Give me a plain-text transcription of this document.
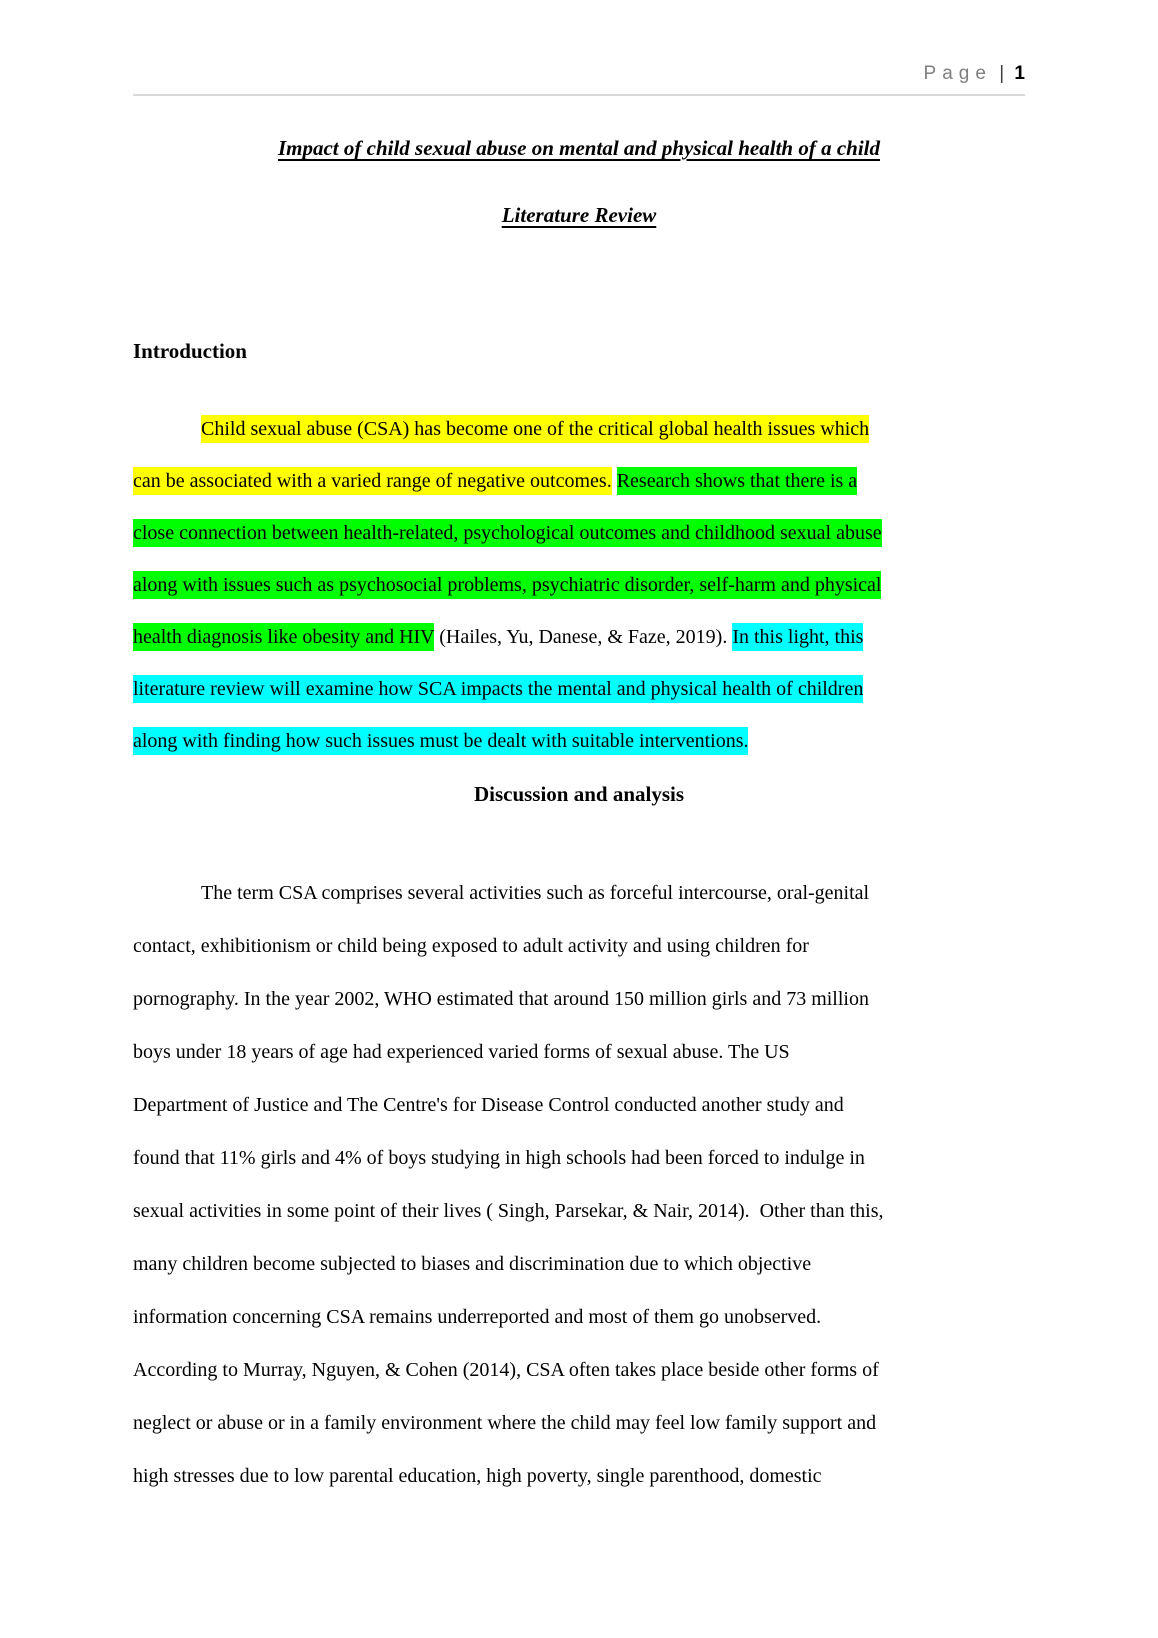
Page | 1
Impact of child sexual abuse on mental and physical health of a child
Literature Review
Introduction
Child sexual abuse (CSA) has become one of the critical global health issues which
can be associated with a varied range of negative outcomes. Research shows that there is a
close connection between health-related, psychological outcomes and childhood sexual abuse
along with issues such as psychosocial problems, psychiatric disorder, self-harm and physical
health diagnosis like obesity and HIV (Hailes, Yu, Danese, & Faze, 2019). In this light, this
literature review will examine how SCA impacts the mental and physical health of children
along with finding how such issues must be dealt with suitable interventions.
Discussion and analysis
The term CSA comprises several activities such as forceful intercourse, oral-genital
contact, exhibitionism or child being exposed to adult activity and using children for
pornography. In the year 2002, WHO estimated that around 150 million girls and 73 million
boys under 18 years of age had experienced varied forms of sexual abuse. The US
Department of Justice and The Centre's for Disease Control conducted another study and
found that 11% girls and 4% of boys studying in high schools had been forced to indulge in
sexual activities in some point of their lives ( Singh, Parsekar, & Nair, 2014).  Other than this,
many children become subjected to biases and discrimination due to which objective
information concerning CSA remains underreported and most of them go unobserved.
According to Murray, Nguyen, & Cohen (2014), CSA often takes place beside other forms of
neglect or abuse or in a family environment where the child may feel low family support and
high stresses due to low parental education, high poverty, single parenthood, domestic
